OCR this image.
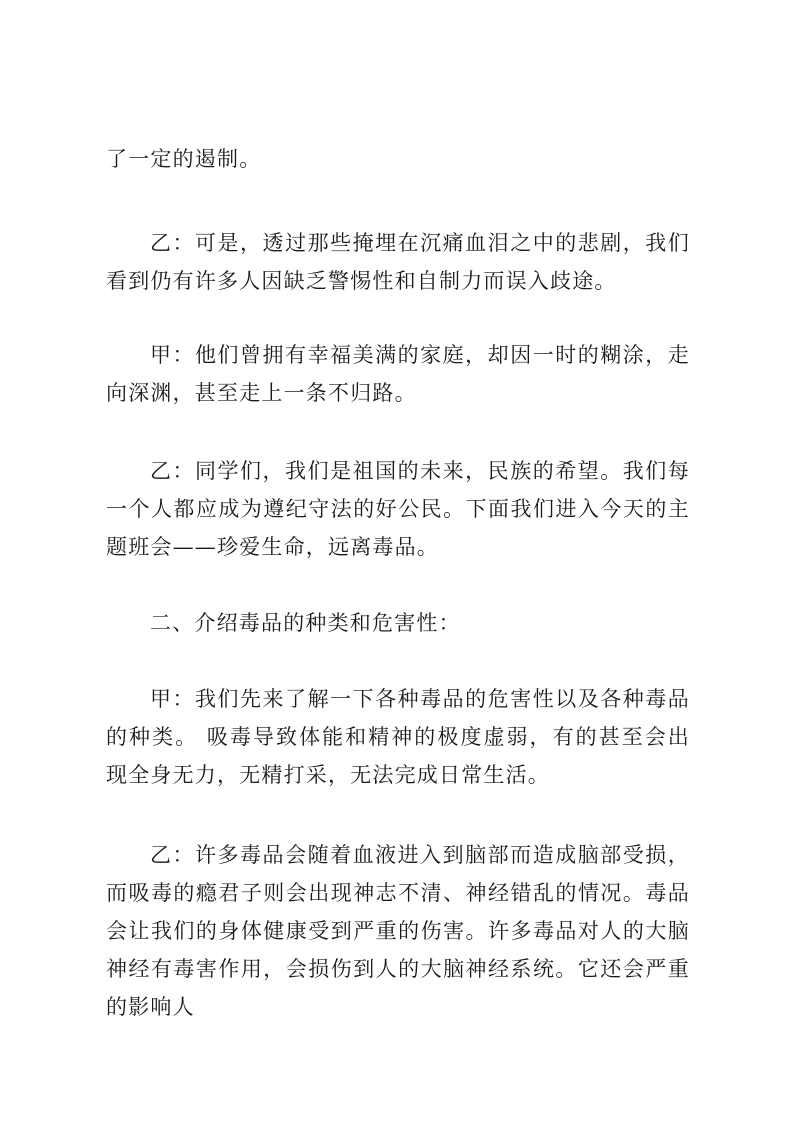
了一定的遏制。

乙：可是，透过那些掩埋在沉痛血泪之中的悲剧，我们看到仍有许多人因缺乏警惕性和自制力而误入歧途。

甲：他们曾拥有幸福美满的家庭，却因一时的糊涂，走向深渊，甚至走上一条不归路。

乙：同学们，我们是祖国的未来，民族的希望。我们每一个人都应成为遵纪守法的好公民。下面我们进入今天的主题班会——珍爱生命，远离毒品。

二、介绍毒品的种类和危害性：

甲：我们先来了解一下各种毒品的危害性以及各种毒品的种类。 吸毒导致体能和精神的极度虚弱，有的甚至会出现全身无力，无精打采，无法完成日常生活。

乙：许多毒品会随着血液进入到脑部而造成脑部受损，而吸毒的瘾君子则会出现神志不清、神经错乱的情况。毒品会让我们的身体健康受到严重的伤害。许多毒品对人的大脑神经有毒害作用，会损伤到人的大脑神经系统。它还会严重的影响人
